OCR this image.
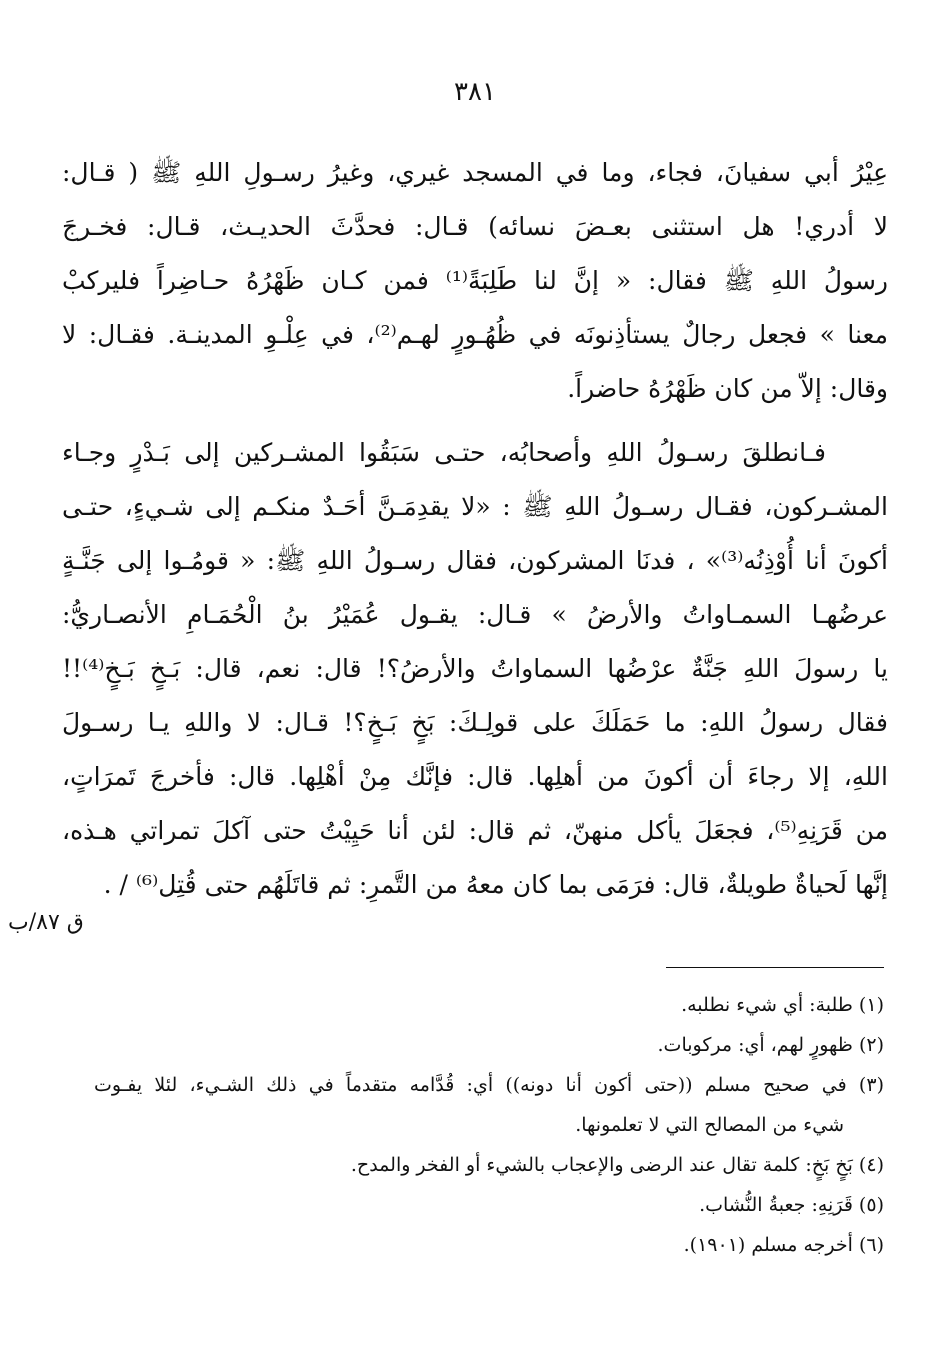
٣٨١
عِيْرُ أبي سفيانَ، فجاء، وما في المسجد غيري، وغيرُ رسـولِ اللهِ ﷺ ( قـال:
لا أدري! هل استثنى بعـضَ نسائه) قـال: فحدَّثَ الحديـث، قـال: فخـرجَ
رسولُ اللهِ ﷺ فقال: « إنَّ لنا طَلِبَةً⁽¹⁾ فمن كـان ظَهْرُهُ حـاضِراً فليركبْ
معنا » فجعل رجالٌ يستأذِنونَه في ظُهُـورٍ لهـم⁽²⁾، في عِلْـوِ المدينـة. فقـال: لا
وقال: إلاّ من كان ظَهْرُهُ حاضراً.
فـانطلقَ رسـولُ اللهِ وأصحابُه، حتـى سَبَقُوا المشـركين إلى بَـدْرٍ وجـاء
المشـركون، فقـال رسـولُ اللهِ ﷺ : «لا يقدِمَـنَّ أحَـدٌ منكـم إلى شـيءٍ، حتـى
أكونَ أنا أُوْذِنُه⁽³⁾» ، فدنَا المشركون، فقال رسـولُ اللهِ ﷺ: « قومُـوا إلى جَنَّـةٍ
عرضُهـا السمـاواتُ والأرضُ » قـال: يقـول عُمَيْرُ بنُ الْحُمَـامِ الأنصـاريُّ:
يا رسولَ اللهِ جَنَّةٌ عرْضُها السماواتُ والأرضُ؟! قال: نعم، قال: بَـخٍ بَـخٍ⁽⁴⁾!!
فقال رسولُ اللهِ: ما حَمَلَكَ على قولِـكَ: بَخٍ بَـخٍ؟! قـال: لا واللهِ يـا رسـولَ
اللهِ، إلا رجاءَ أن أكونَ من أهلِها. قال: فإنَّك مِنْ أهْلِها. قال: فأخرجَ تَمرَاتٍ،
من قَرَنِهِ⁽⁵⁾، فجعَلَ يأكل منهنّ، ثم قال: لئن أنا حَيِيْتُ حتى آكلَ تمراتي هـذه،
إنَّها لَحياةٌ طويلةٌ، قال: فرَمَى بما كان معهُ من التَّمرِ: ثم قاتَلَهُم حتى قُتِل⁽⁶⁾ / .
ق ٨٧/ب
(١) طلبة: أي شيء نطلبه.
(٢) ظهورٍ لهم، أي: مركوبات.
(٣) في صحيح مسلم ((حتى أكون أنا دونه)) أي: قُدَّامه متقدماً في ذلك الشـيء، لئلا يفـوت
شيء من المصالح التي لا تعلمونها.
(٤) بَخٍ بَخٍ: كلمة تقال عند الرضى والإعجاب بالشيء أو الفخر والمدح.
(٥) قَرَنِهِ: جعبةُ النُّشاب.
(٦) أخرجه مسلم (١٩٠١).
